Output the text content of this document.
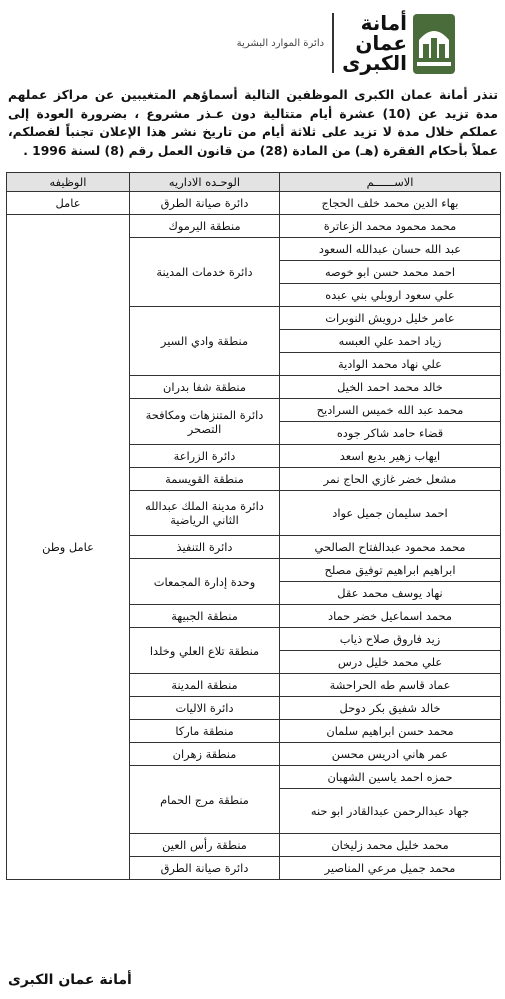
أمانة
عمان
الكبرى
دائرة الموارد البشرية
تنذر أمانة عمان الكبرى الموظفين التالية أسماؤهم المتغيبين عن مراكز عملهم مدة تزيد عن (10) عشرة أيام متتالية دون عـذر مشروع ، بضرورة العودة إلى عملكم خلال مدة لا تزيد على ثلاثة أيام من تاريخ نشر هذا الإعلان تجنباً لفصلكم، عملاً بأحكام الفقرة (هـ) من المادة (28) من قانون العمل رقم (8) لسنة 1996 .
الاســــــم	الوحـده الاداريه	الوظيفه
بهاء الدين محمد خلف الحجاج	دائرة صيانة الطرق	عامل
محمد محمود محمد الزعاترة	منطقة اليرموك	عامل وطن
عبد الله حسان عبدالله السعود	دائرة خدمات المدينة	
احمد محمد حسن ابو خوصه		
علي سعود اروبلي بني عبده		
عامر خليل درويش النوبرات	منطقة وادي السير	
زياد احمد علي العبسه		
علي نهاد محمد الوادية		
خالد محمد احمد الخيل	منطقة شفا بدران	
محمد عبد الله خميس السراديح	دائرة المتنزهات ومكافحة التصحر	
قضاء حامد شاكر جوده		
ايهاب زهير بديع اسعد	دائرة الزراعة	
مشعل خضر غازي الحاج نمر	منطقة القويسمة	
احمد سليمان جميل عواد	دائرة مدينة الملك عبدالله الثاني الرياضية	
محمد محمود عبدالفتاح الصالحي	دائرة التنفيذ	
ابراهيم ابراهيم توفيق مصلح	وحدة إدارة المجمعات	
نهاد يوسف محمد عقل		
محمد اسماعيل خضر حماد	منطقة الجبيهة	
زيد فاروق صلاح ذياب	منطقة تلاع العلي وخلدا	
علي محمد خليل درس		
عماد قاسم طه الحراحشة	منطقة المدينة	
خالد شفيق بكر دوحل	دائرة الاليات	
محمد حسن ابراهيم سلمان	منطقة ماركا	
عمر هاني ادريس محسن	منطقة زهران	
حمزه احمد ياسين الشهبان	منطقة مرج الحمام	
جهاد عبدالرحمن عبدالقادر ابو حنه		
محمد خليل محمد زليخان	منطقة رأس العين	
محمد جميل مرعي المناصير	دائرة صيانة الطرق	
أمانة عمان الكبرى
